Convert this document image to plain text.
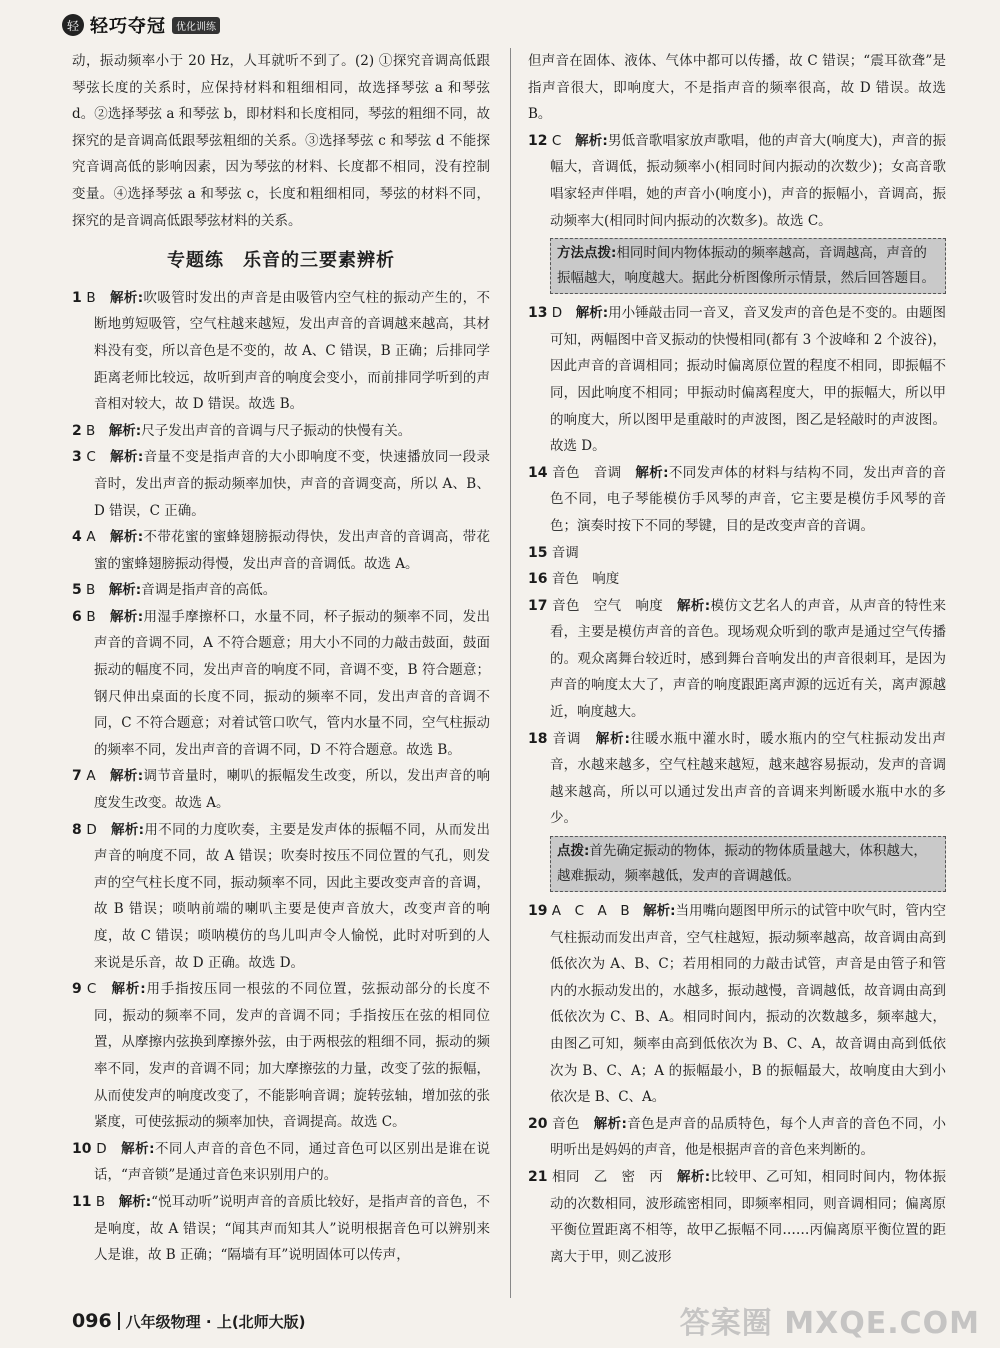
轻 轻巧夺冠	优化训练

动，振动频率小于 20 Hz，人耳就听不到了。(2) ①探究音调高低跟琴弦长度的关系时，应保持材料和粗细相同，故选择琴弦 a 和琴弦 d。②选择琴弦 a 和琴弦 b，即材料和长度相同，琴弦的粗细不同，故探究的是音调高低跟琴弦粗细的关系。③选择琴弦 c 和琴弦 d 不能探究音调高低的影响因素，因为琴弦的材料、长度都不相同，没有控制变量。④选择琴弦 a 和琴弦 c，长度和粗细相同，琴弦的材料不同，探究的是音调高低跟琴弦材料的关系。

专题练　乐音的三要素辨析

1 B　 解析:吹吸管时发出的声音是由吸管内空气柱的振动产生的，不断地剪短吸管，空气柱越来越短，发出声音的音调越来越高，其材料没有变，所以音色是不变的，故 A、C 错误，B 正确；后排同学距离老师比较远，故听到声音的响度会变小，而前排同学听到的声音相对较大，故 D 错误。故选 B。

2 B　 解析:尺子发出声音的音调与尺子振动的快慢有关。

3 C　 解析:音量不变是指声音的大小即响度不变，快速播放同一段录音时，发出声音的振动频率加快，声音的音调变高，所以 A、B、D 错误，C 正确。

4 A　 解析:不带花蜜的蜜蜂翅膀振动得快，发出声音的音调高，带花蜜的蜜蜂翅膀振动得慢，发出声音的音调低。故选 A。

5 B　 解析:音调是指声音的高低。

6 B　 解析:用湿手摩擦杯口，水量不同，杯子振动的频率不同，发出声音的音调不同，A 不符合题意；用大小不同的力敲击鼓面，鼓面振动的幅度不同，发出声音的响度不同，音调不变，B 符合题意；钢尺伸出桌面的长度不同，振动的频率不同，发出声音的音调不同，C 不符合题意；对着试管口吹气，管内水量不同，空气柱振动的频率不同，发出声音的音调不同，D 不符合题意。故选 B。

7 A　 解析:调节音量时，喇叭的振幅发生改变，所以，发出声音的响度发生改变。故选 A。

8 D　 解析:用不同的力度吹奏，主要是发声体的振幅不同，从而发出声音的响度不同，故 A 错误；吹奏时按压不同位置的气孔，则发声的空气柱长度不同，振动频率不同，因此主要改变声音的音调，故 B 错误；唢呐前端的喇叭主要是使声音放大，改变声音的响度，故 C 错误；唢呐模仿的鸟儿叫声令人愉悦，此时对听到的人来说是乐音，故 D 正确。故选 D。

9 C　 解析:用手指按压同一根弦的不同位置，弦振动部分的长度不同，振动的频率不同，发声的音调不同；手指按压在弦的相同位置，从摩擦内弦换到摩擦外弦，由于两根弦的粗细不同，振动的频率不同，发声的音调不同；加大摩擦弦的力量，改变了弦的振幅，从而使发声的响度改变了，不能影响音调；旋转弦轴，增加弦的张紧度，可使弦振动的频率加快，音调提高。故选 C。

10 D　 解析:不同人声音的音色不同，通过音色可以区别出是谁在说话，“声音锁”是通过音色来识别用户的。

11 B　 解析:“悦耳动听”说明声音的音质比较好，是指声音的音色，不是响度，故 A 错误；“闻其声而知其人”说明根据音色可以辨别来人是谁，故 B 正确；“隔墙有耳”说明固体可以传声，

但声音在固体、液体、气体中都可以传播，故 C 错误；“震耳欲聋”是指声音很大，即响度大，不是指声音的频率很高，故 D 错误。故选 B。

12 C　 解析:男低音歌唱家放声歌唱，他的声音大(响度大)，声音的振幅大，音调低，振动频率小(相同时间内振动的次数少)；女高音歌唱家轻声伴唱，她的声音小(响度小)，声音的振幅小，音调高，振动频率大(相同时间内振动的次数多)。故选 C。

方法点拨:相同时间内物体振动的频率越高，音调越高，声音的振幅越大，响度越大。据此分析图像所示情景，然后回答题目。

13 D　 解析:用小锤敲击同一音叉，音叉发声的音色是不变的。由题图可知，两幅图中音叉振动的快慢相同(都有 3 个波峰和 2 个波谷)，因此声音的音调相同；振动时偏离原位置的程度不相同，即振幅不同，因此响度不相同；甲振动时偏离程度大，甲的振幅大，所以甲的响度大，所以图甲是重敲时的声波图，图乙是轻敲时的声波图。故选 D。

14 音色　音调　 解析:不同发声体的材料与结构不同，发出声音的音色不同，电子琴能模仿手风琴的声音，它主要是模仿手风琴的音色；演奏时按下不同的琴键，目的是改变声音的音调。

15 音调　

16 音色　响度　

17 音色　空气　响度　 解析:模仿文艺名人的声音，从声音的特性来看，主要是模仿声音的音色。现场观众听到的歌声是通过空气传播的。观众离舞台较近时，感到舞台音响发出的声音很刺耳，是因为声音的响度太大了，声音的响度跟距离声源的远近有关，离声源越近，响度越大。

18 音调　 解析:往暖水瓶中灌水时，暖水瓶内的空气柱振动发出声音，水越来越多，空气柱越来越短，越来越容易振动，发声的音调越来越高，所以可以通过发出声音的音调来判断暖水瓶中水的多少。

点拨:首先确定振动的物体，振动的物体质量越大，体积越大，越难振动，频率越低，发声的音调越低。

19 A　C　A　B　 解析:当用嘴向题图甲所示的试管中吹气时，管内空气柱振动而发出声音，空气柱越短，振动频率越高，故音调由高到低依次为 A、B、C；若用相同的力敲击试管，声音是由管子和管内的水振动发出的，水越多，振动越慢，音调越低，故音调由高到低依次为 C、B、A。相同时间内，振动的次数越多，频率越大，由图乙可知，频率由高到低依次为 B、C、A，故音调由高到低依次为 B、C、A；A 的振幅最小，B 的振幅最大，故响度由大到小依次是 B、C、A。

20 音色　 解析:音色是声音的品质特色，每个人声音的音色不同，小明听出是妈妈的声音，他是根据声音的音色来判断的。

21 相同　乙　密　丙　 解析:比较甲、乙可知，相同时间内，物体振动的次数相同，波形疏密相同，即频率相同，则音调相同；偏离原平衡位置距离不相等，故甲乙振幅不同……丙偏离原平衡位置的距离大于甲，则乙波形

096 八年级物理 · 上(北师大版)	答案圈 MXQE.COM
